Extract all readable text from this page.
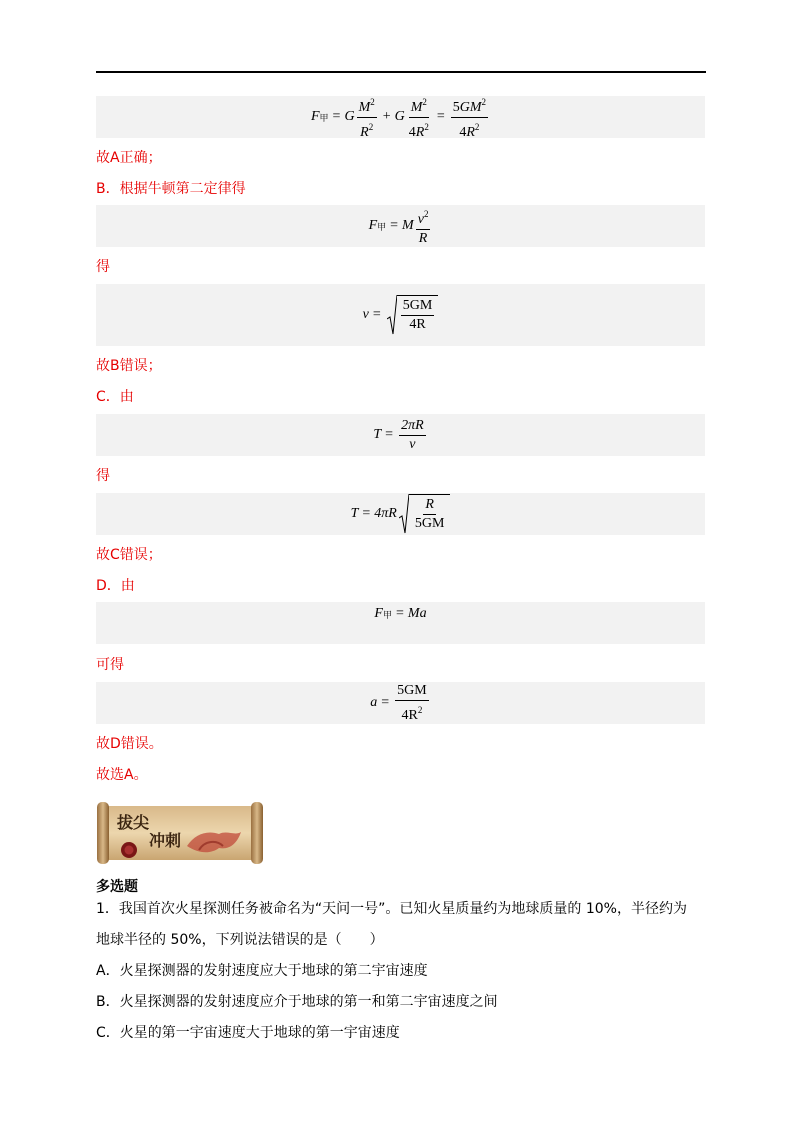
F 甲 = G $\frac{M^2}{R^2} + G \frac{M^2}{4R^2} = \frac{5GM^2}{4R^2}$
故A正确；
B．根据牛顿第二定律得
F 甲 = M $\frac{v^2}{R}$
得
$v = \frac{5GM}{4R}$
故B错误；
C．由
$T = \frac{2\pi R}{v}$
得
$T = 4\pi R \frac{R}{5GM}$
故C错误；
D．由
F 甲 = Ma
可得
$a = \frac{5GM}{4R^2}$
故D错误。
故选A。
拔尖
冲刺
多选题
1．我国首次火星探测任务被命名为“天问一号”。已知火星质量约为地球质量的 10%，半径约为
地球半径的 50%，下列说法错误的是（　　）
A．火星探测器的发射速度应大于地球的第二宇宙速度
B．火星探测器的发射速度应介于地球的第一和第二宇宙速度之间
C．火星的第一宇宙速度大于地球的第一宇宙速度
